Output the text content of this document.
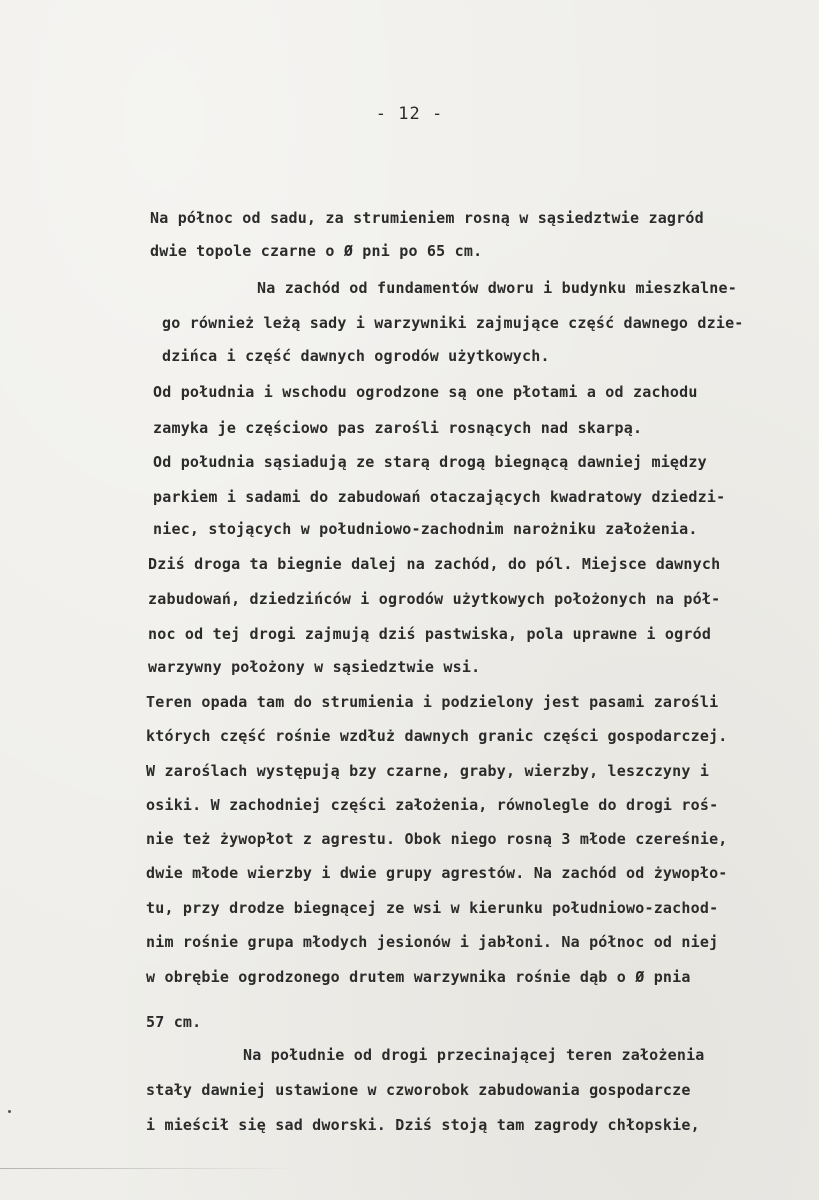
- 12 -
Na północ od sadu, za strumieniem rosną w sąsiedztwie zagród
dwie topole czarne o Ø pni po 65 cm.
Na zachód od fundamentów dworu i budynku mieszkalne-
go również leżą sady i warzywniki zajmujące część dawnego dzie-
dzińca i część dawnych ogrodów użytkowych.
Od południa i wschodu ogrodzone są one płotami a od zachodu
zamyka je częściowo pas zarośli rosnących nad skarpą.
Od południa sąsiadują ze starą drogą biegnącą dawniej między
parkiem i sadami do zabudowań otaczających kwadratowy dziedzi-
niec, stojących w południowo-zachodnim narożniku założenia.
Dziś droga ta biegnie dalej na zachód, do pól. Miejsce dawnych
zabudowań, dziedzińców i ogrodów użytkowych położonych na pół-
noc od tej drogi zajmują dziś pastwiska, pola uprawne i ogród
warzywny położony w sąsiedztwie wsi.
Teren opada tam do strumienia i podzielony jest pasami zarośli
których część rośnie wzdłuż dawnych granic części gospodarczej.
W zaroślach występują bzy czarne, graby, wierzby, leszczyny i
osiki. W zachodniej części założenia, równolegle do drogi roś-
nie też żywopłot z agrestu. Obok niego rosną 3 młode czereśnie,
dwie młode wierzby i dwie grupy agrestów. Na zachód od żywopło-
tu, przy drodze biegnącej ze wsi w kierunku południowo-zachod-
nim rośnie grupa młodych jesionów i jabłoni. Na północ od niej
w obrębie ogrodzonego drutem warzywnika rośnie dąb o Ø pnia
57 cm.
Na południe od drogi przecinającej teren założenia
stały dawniej ustawione w czworobok zabudowania gospodarcze
i mieścił się sad dworski. Dziś stoją tam zagrody chłopskie,
